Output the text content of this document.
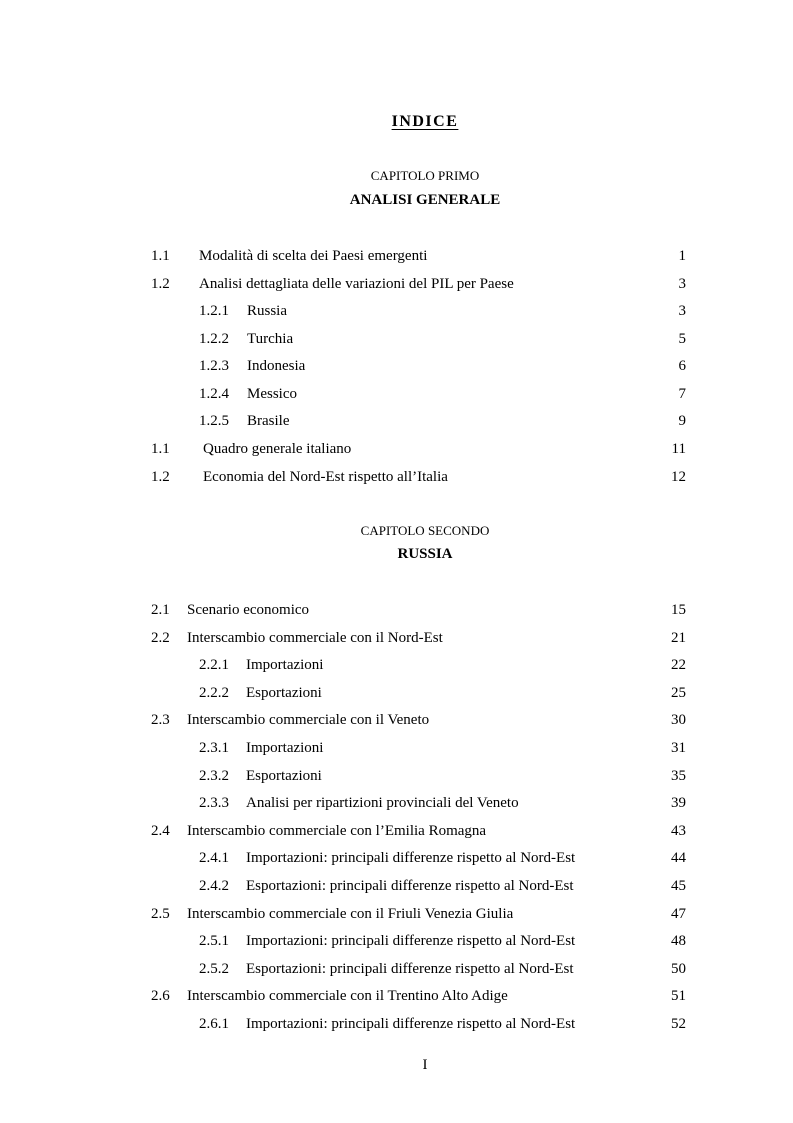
INDICE
CAPITOLO PRIMO
ANALISI GENERALE
1.1 Modalità di scelta dei Paesi emergenti	1
1.2 Analisi dettagliata delle variazioni del PIL per Paese	3
1.2.1 Russia	3
1.2.2 Turchia	5
1.2.3 Indonesia	6
1.2.4 Messico	7
1.2.5 Brasile	9
1.1 Quadro generale italiano	11
1.2 Economia del Nord-Est rispetto all’Italia	12
CAPITOLO SECONDO
RUSSIA
2.1 Scenario economico	15
2.2 Interscambio commerciale con il Nord-Est	21
2.2.1 Importazioni	22
2.2.2 Esportazioni	25
2.3 Interscambio commerciale con il Veneto	30
2.3.1 Importazioni	31
2.3.2 Esportazioni	35
2.3.3 Analisi per ripartizioni provinciali del Veneto	39
2.4 Interscambio commerciale con l’Emilia Romagna	43
2.4.1 Importazioni: principali differenze rispetto al Nord-Est	44
2.4.2 Esportazioni: principali differenze rispetto al Nord-Est	45
2.5 Interscambio commerciale con il Friuli Venezia Giulia	47
2.5.1 Importazioni: principali differenze rispetto al Nord-Est	48
2.5.2 Esportazioni: principali differenze rispetto al Nord-Est	50
2.6 Interscambio commerciale con il Trentino Alto Adige	51
2.6.1 Importazioni: principali differenze rispetto al Nord-Est	52
I
